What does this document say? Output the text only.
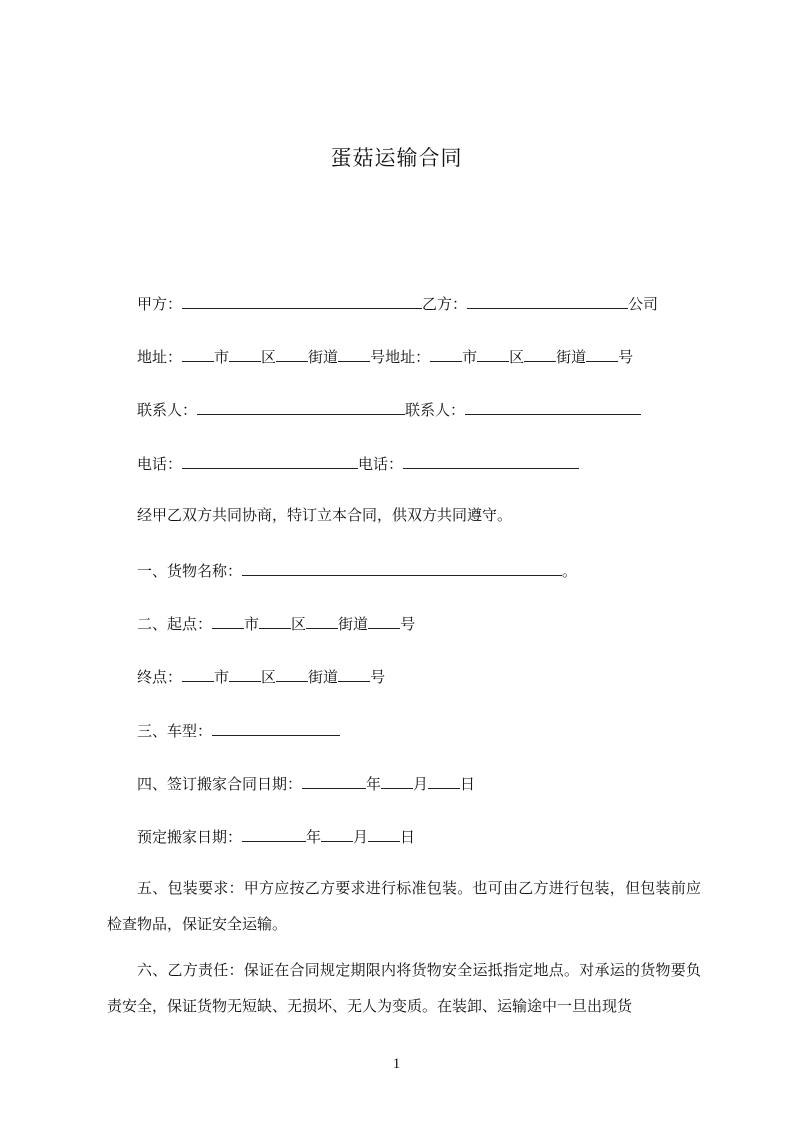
蛋菇运输合同
甲方：	乙方：	公司
地址： 市 区 街道 号地址： 市 区 街道 号
联系人：	联系人：
电话：	电话：
经甲乙双方共同协商，特订立本合同，供双方共同遵守。
一、货物名称：	。
二、起点： 市 区 街道 号
终点： 市 区 街道 号
三、车型：
四、签订搬家合同日期：	年 月 日
预定搬家日期：	年 月 日
五、包装要求：甲方应按乙方要求进行标准包装。也可由乙方进行包装，但包装前应检查物品，保证安全运输。
六、乙方责任：保证在合同规定期限内将货物安全运抵指定地点。对承运的货物要负责安全，保证货物无短缺、无损坏、无人为变质。在装卸、运输途中一旦出现货
1
